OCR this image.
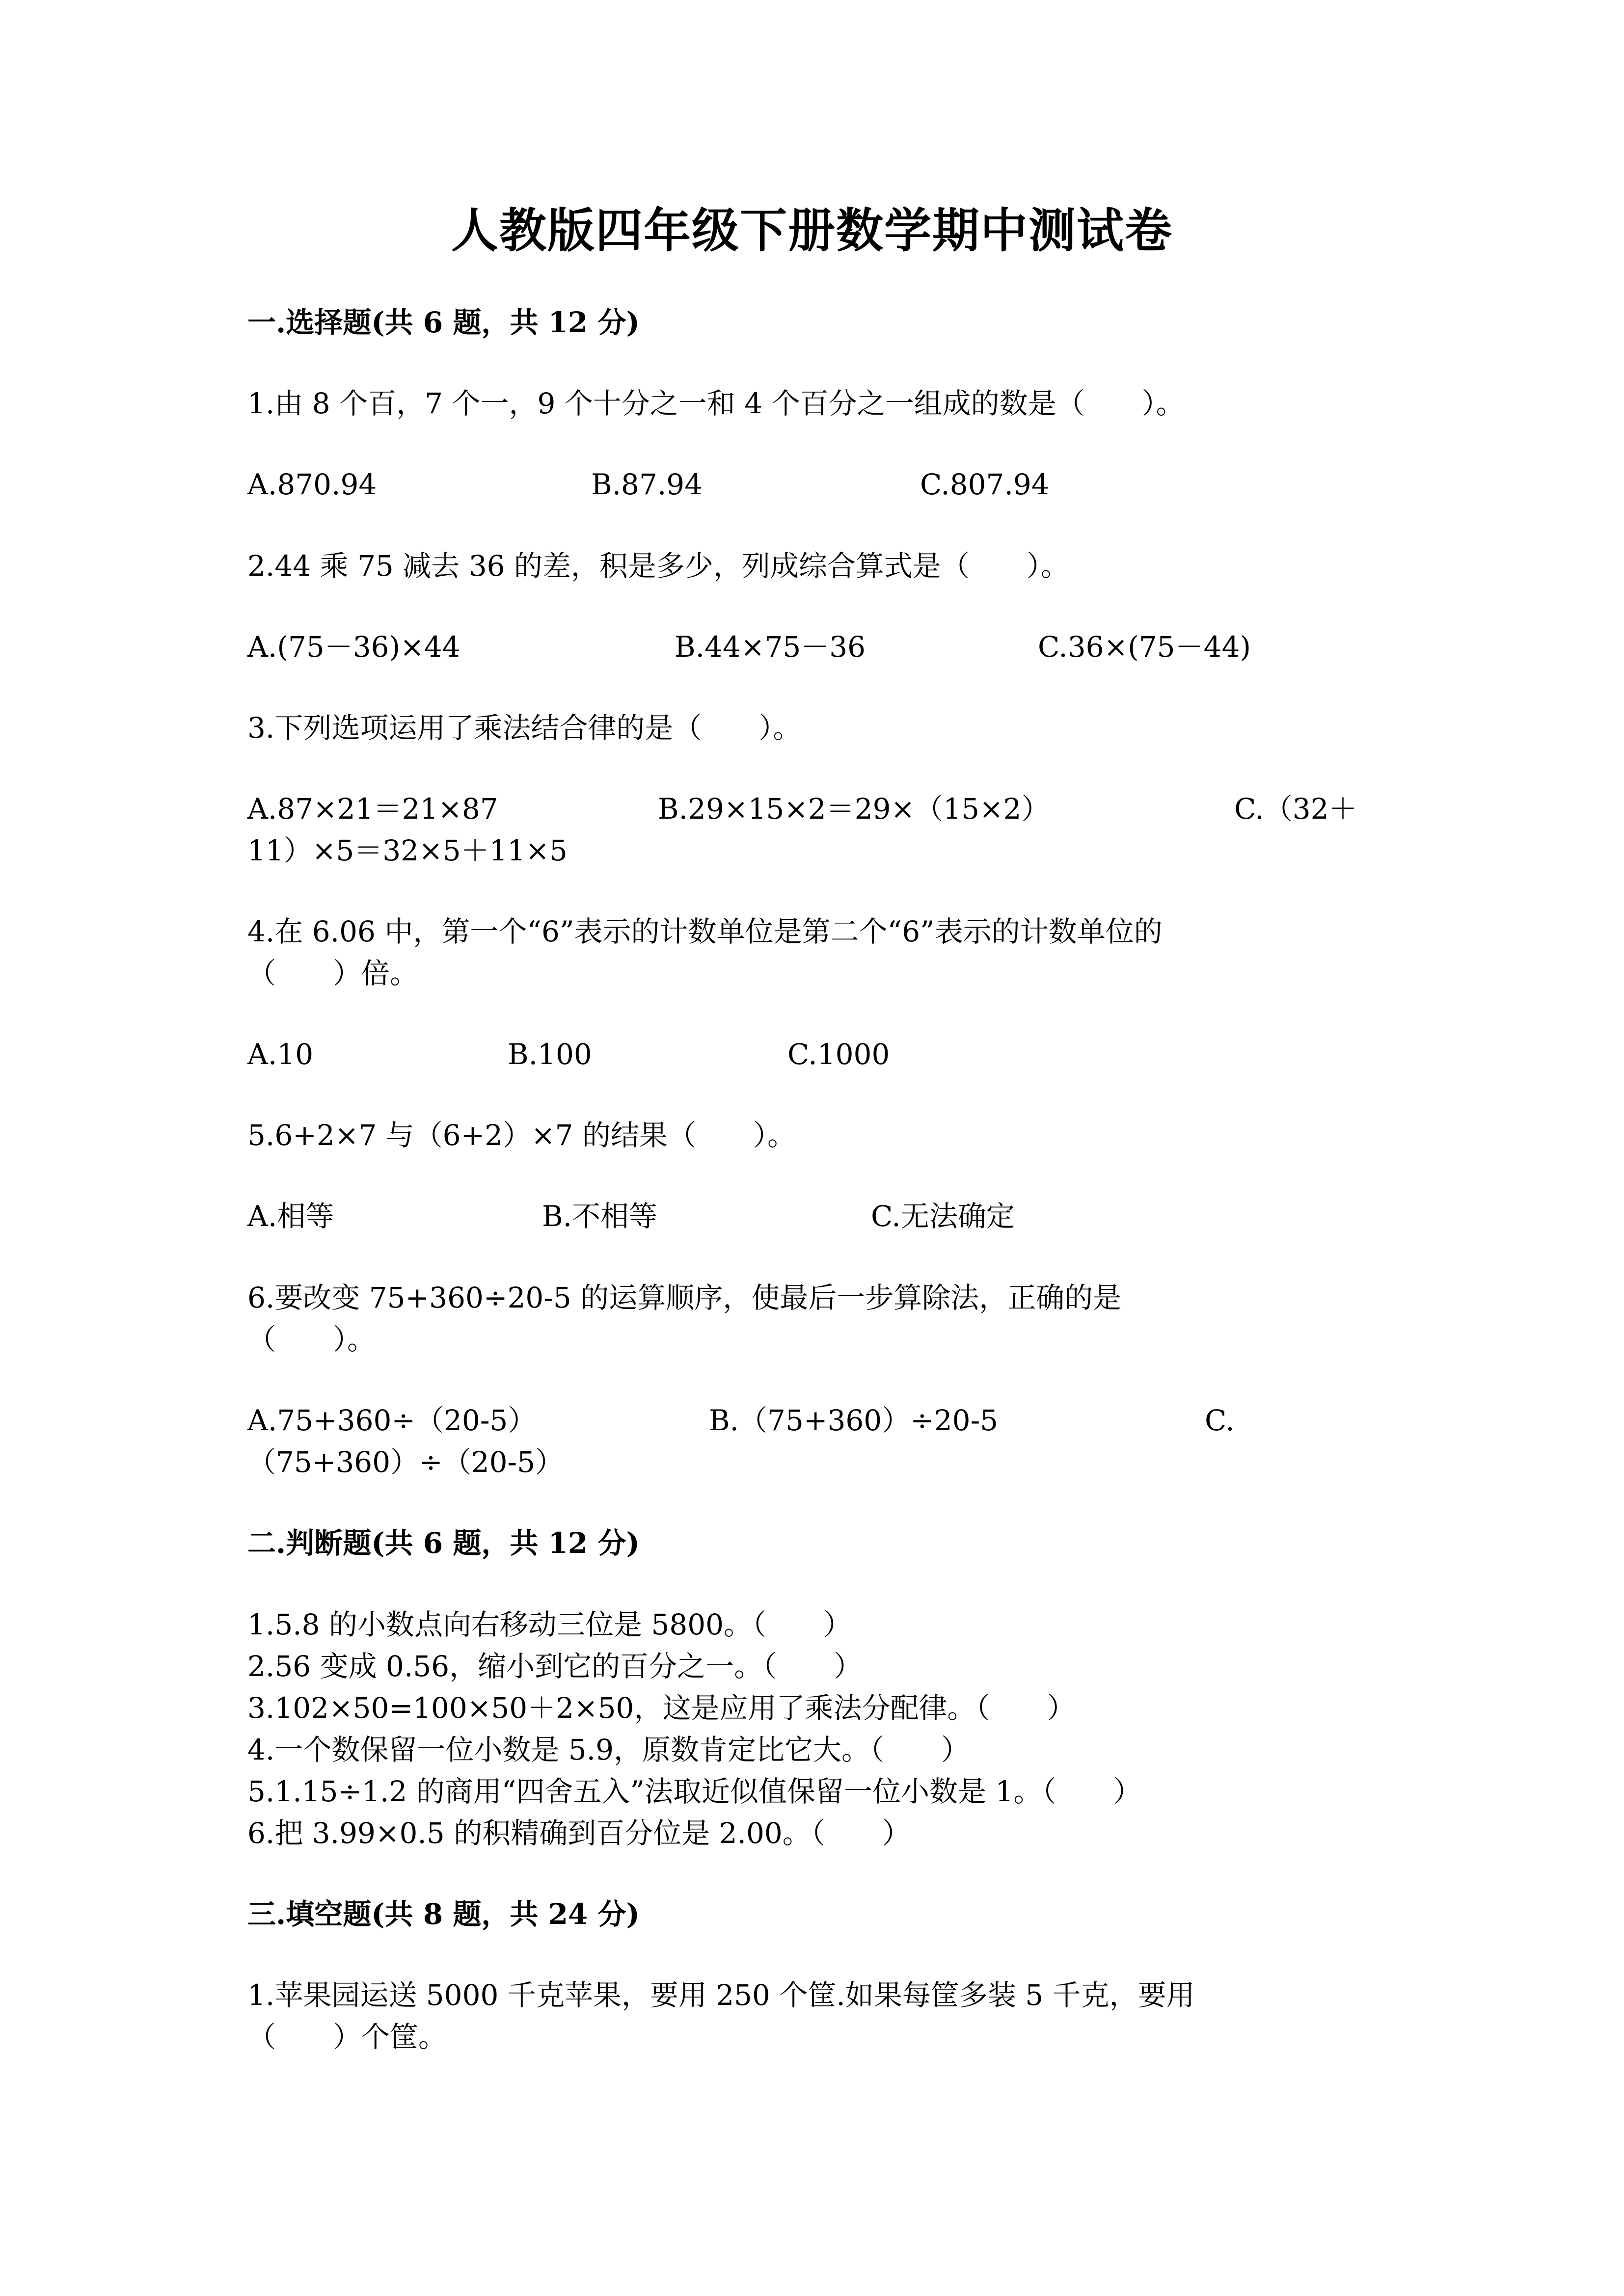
人教版四年级下册数学期中测试卷
一.选择题(共 6 题，共 12 分)
1.由 8 个百，7 个一，9 个十分之一和 4 个百分之一组成的数是（　　）。
A.870.94	B.87.94	C.807.94
2.44 乘 75 减去 36 的差，积是多少，列成综合算式是（　　）。
A.(75－36)×44	B.44×75－36	C.36×(75－44)
3.下列选项运用了乘法结合律的是（　　）。
A.87×21＝21×87	B.29×15×2＝29×（15×2）	C.（32＋
11）×5＝32×5＋11×5
4.在 6.06 中，第一个“6”表示的计数单位是第二个“6”表示的计数单位的
（　　）倍。
A.10	B.100	C.1000
5.6+2×7 与（6+2）×7 的结果（　　）。
A.相等	B.不相等	C.无法确定
6.要改变 75+360÷20-5 的运算顺序，使最后一步算除法，正确的是
（　　）。
A.75+360÷（20-5）	B.（75+360）÷20-5	C.
（75+360）÷（20-5）
二.判断题(共 6 题，共 12 分)
1.5.8 的小数点向右移动三位是 5800。（　　）
2.56 变成 0.56，缩小到它的百分之一。（　　）
3.102×50=100×50＋2×50，这是应用了乘法分配律。（　　）
4.一个数保留一位小数是 5.9，原数肯定比它大。（　　）
5.1.15÷1.2 的商用“四舍五入”法取近似值保留一位小数是 1。（　　）
6.把 3.99×0.5 的积精确到百分位是 2.00。（　　）
三.填空题(共 8 题，共 24 分)
1.苹果园运送 5000 千克苹果，要用 250 个筐.如果每筐多装 5 千克，要用
（　　）个筐。
